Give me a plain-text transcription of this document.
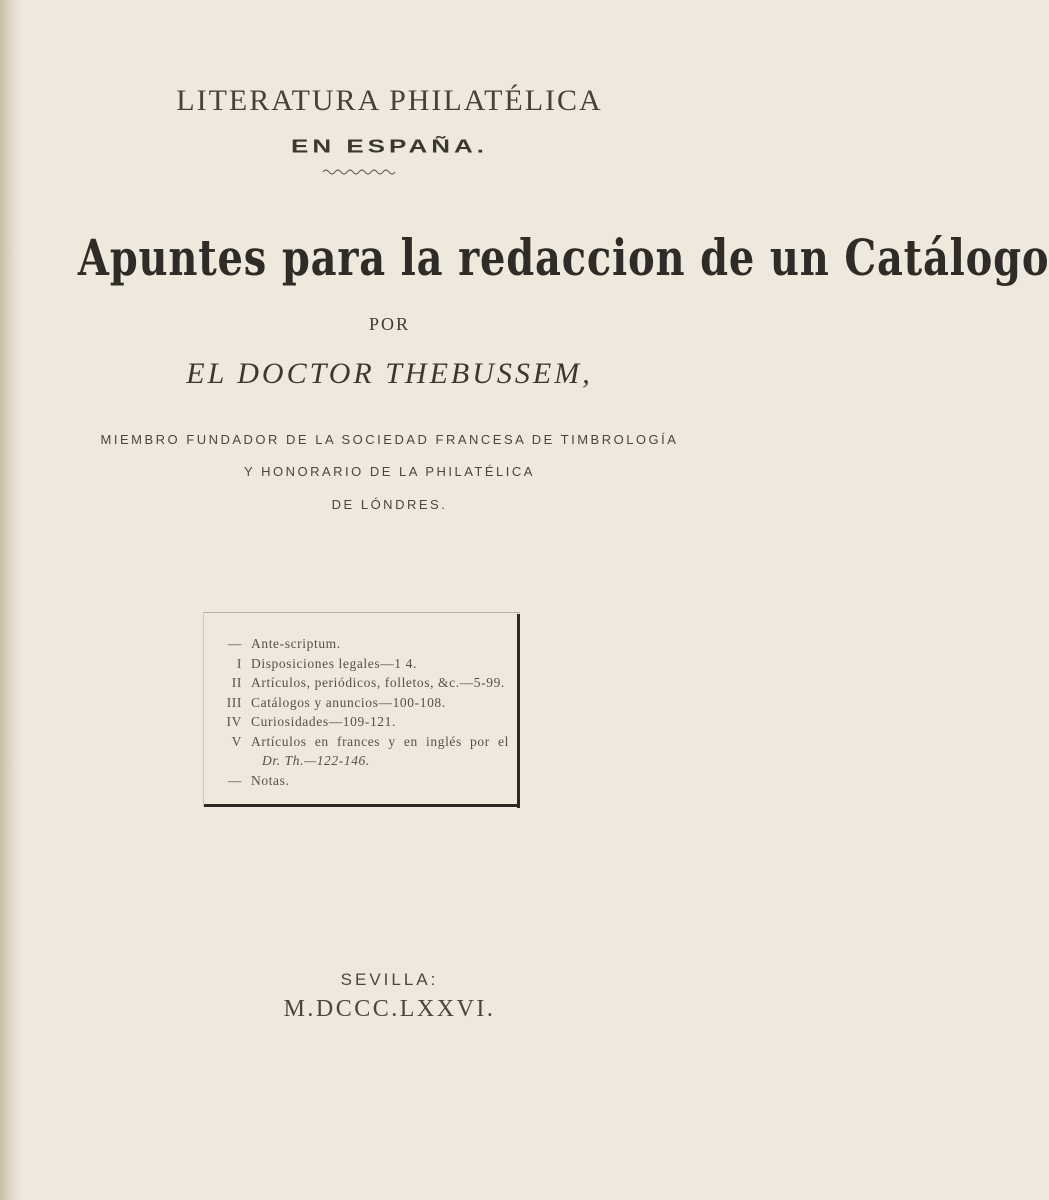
LITERATURA PHILATÉLICA
EN ESPAÑA.
Apuntes para la redaccion de un Catálogo
POR
EL DOCTOR THEBUSSEM,
MIEMBRO FUNDADOR DE LA SOCIEDAD FRANCESA DE TIMBROLOGÍA
Y HONORARIO DE LA PHILATÉLICA
DE LÓNDRES.
— Ante-scriptum.
I Disposiciones legales—1 4.
II Artículos, periódicos, folletos, &c.—5-99.
III Catálogos y anuncios—100-108.
IV Curiosidades—109-121.
V Artículos en frances y en inglés por el
Dr. Th.—122-146.
— Notas.
SEVILLA:
M.DCCC.LXXVI.
